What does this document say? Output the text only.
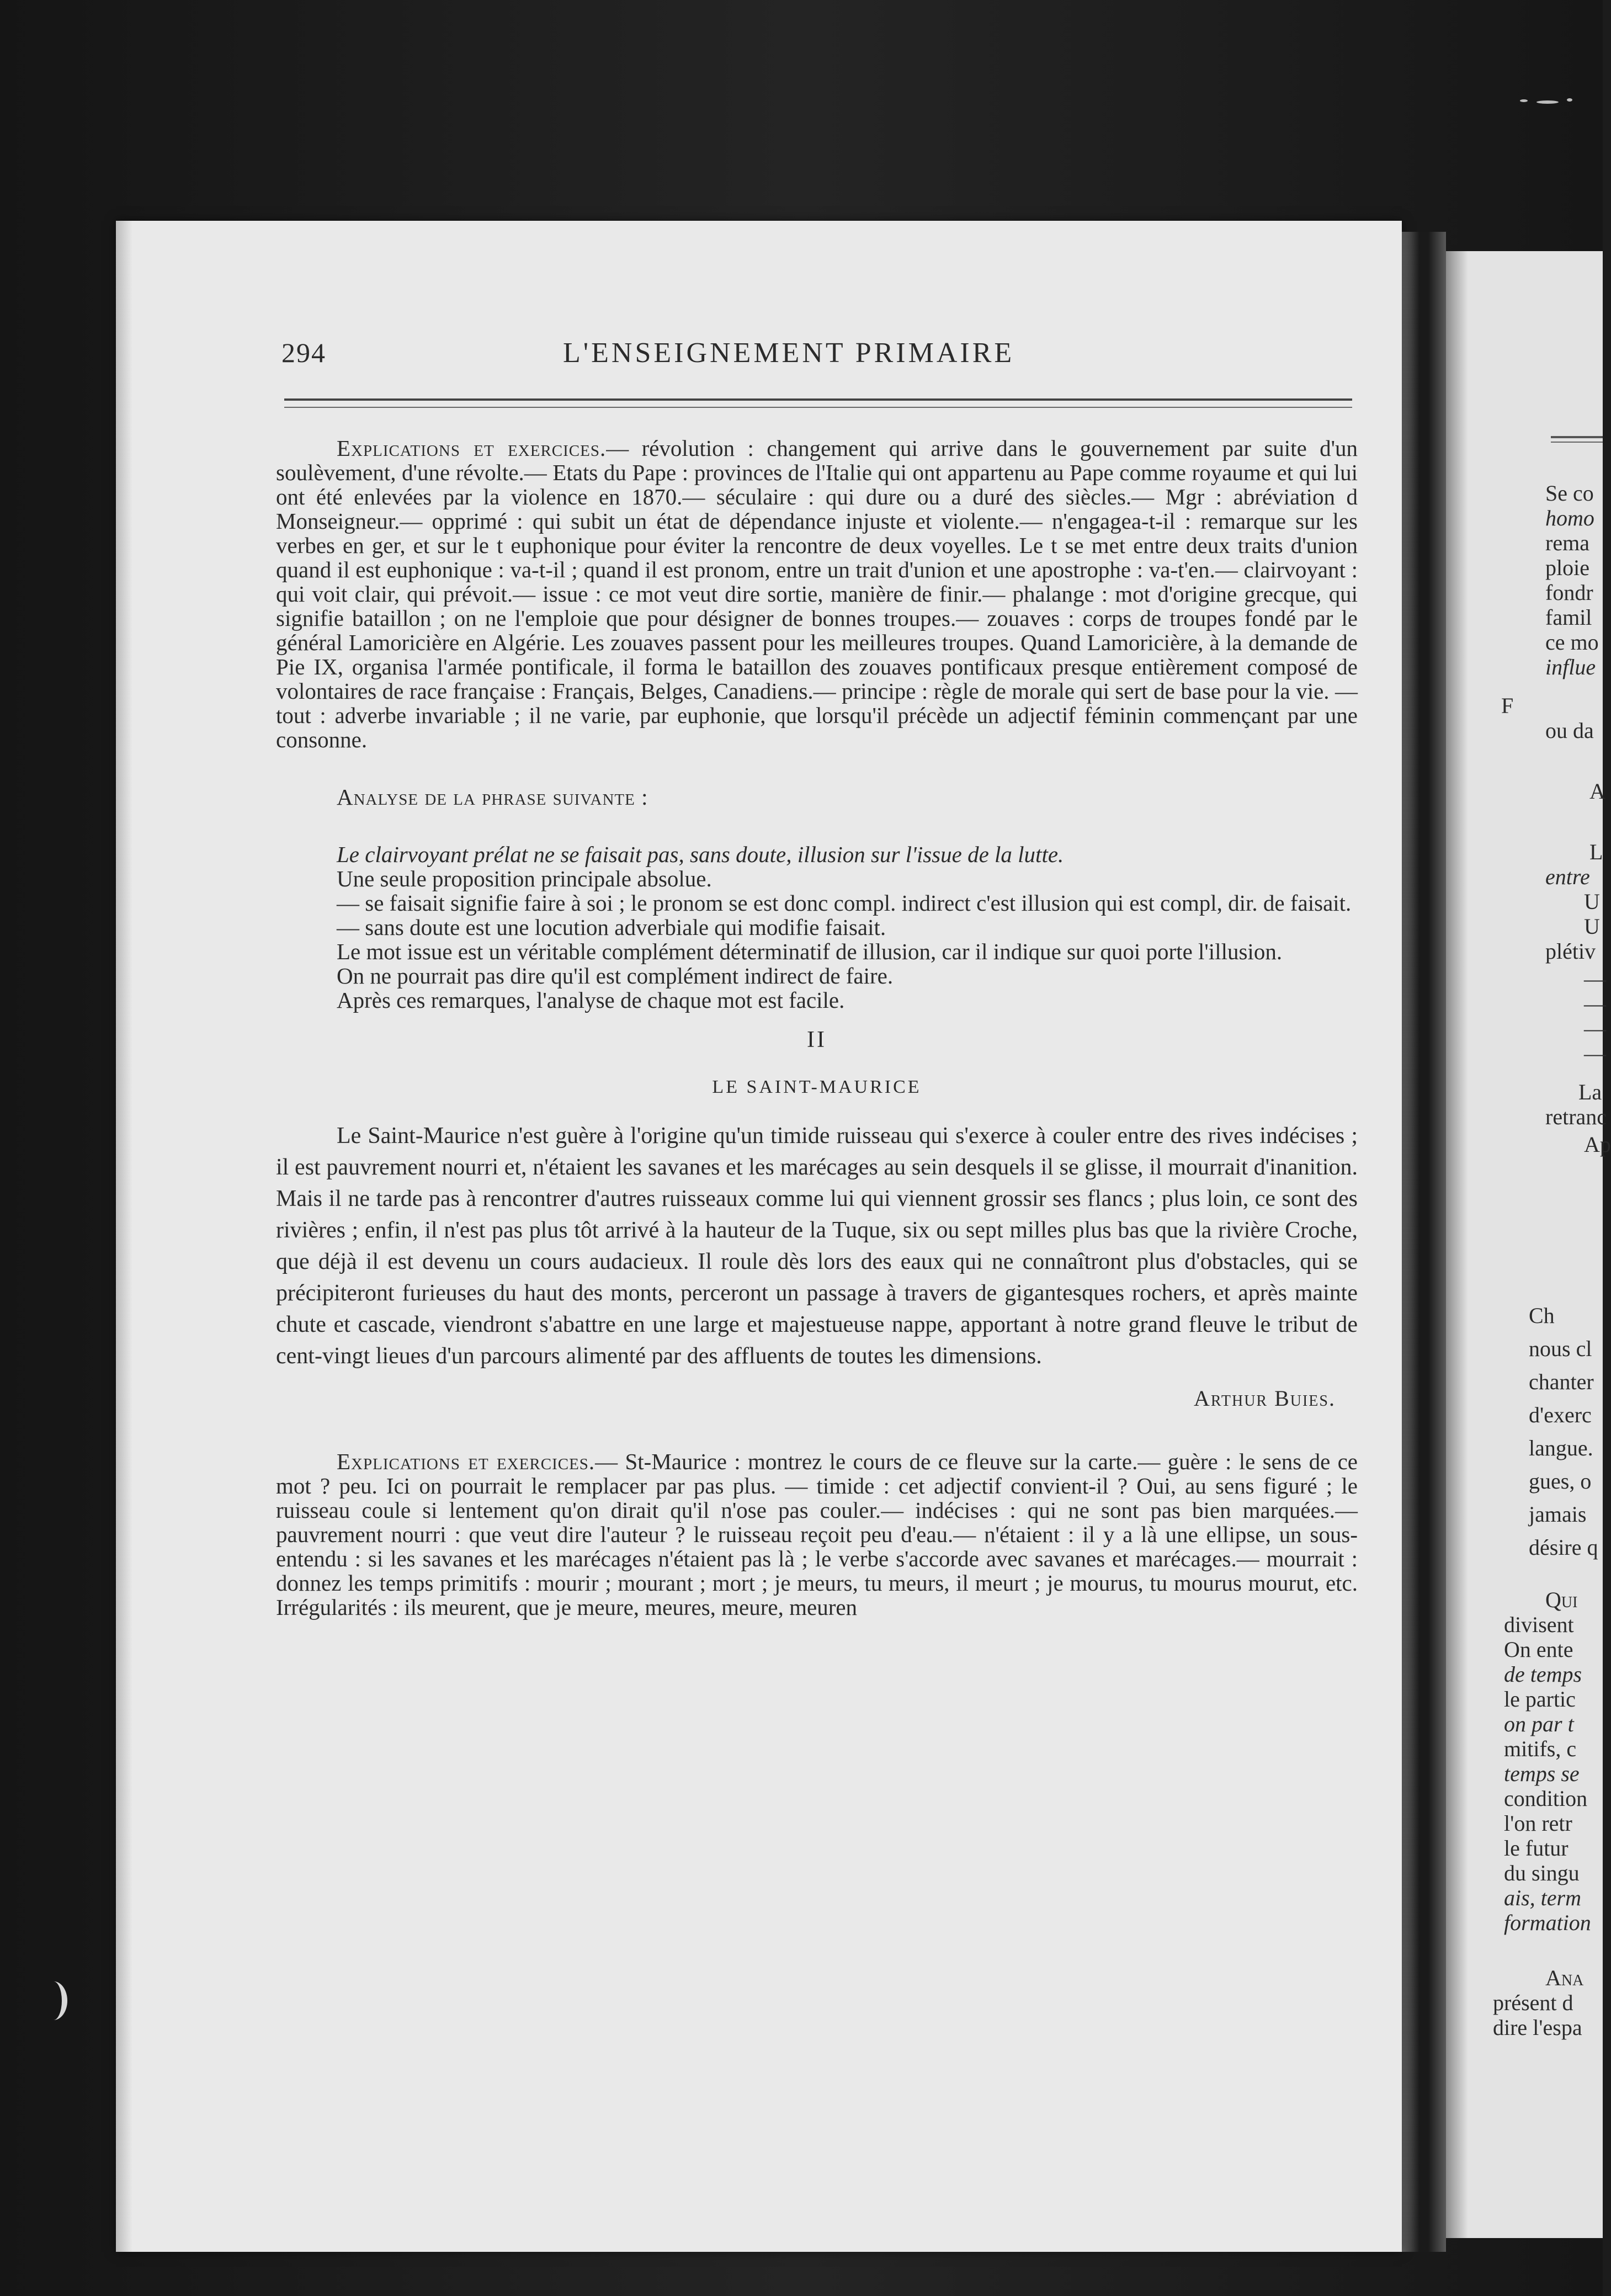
294	L'ENSEIGNEMENT PRIMAIRE

Explications et exercices.— révolution : changement qui arrive dans le gouvernement par suite d'un soulèvement, d'une révolte.— Etats du Pape : provinces de l'Italie qui ont appartenu au Pape comme royaume et qui lui ont été enlevées par la violence en 1870.— séculaire : qui dure ou a duré des siècles.— Mgr : abréviation d Monseigneur.— opprimé : qui subit un état de dépendance injuste et violente.— n'engagea-t-il : remarque sur les verbes en ger, et sur le t euphonique pour éviter la rencontre de deux voyelles. Le t se met entre deux traits d'union quand il est euphonique : va-t-il ; quand il est pronom, entre un trait d'union et une apostrophe : va-t'en.— clairvoyant : qui voit clair, qui prévoit.— issue : ce mot veut dire sortie, manière de finir.— phalange : mot d'origine grecque, qui signifie bataillon ; on ne l'emploie que pour désigner de bonnes troupes.— zouaves : corps de troupes fondé par le général Lamoricière en Algérie. Les zouaves passent pour les meilleures troupes. Quand Lamoricière, à la demande de Pie IX, organisa l'armée pontificale, il forma le bataillon des zouaves pontificaux presque entièrement composé de volontaires de race française : Français, Belges, Canadiens.— principe : règle de morale qui sert de base pour la vie. — tout : adverbe invariable ; il ne varie, par euphonie, que lorsqu'il précède un adjectif féminin commençant par une consonne.

Analyse de la phrase suivante :

Le clairvoyant prélat ne se faisait pas, sans doute, illusion sur l'issue de la lutte.

Une seule proposition principale absolue.

— se faisait signifie faire à soi ; le pronom se est donc compl. indirect c'est illusion qui est compl, dir. de faisait.

— sans doute est une locution adverbiale qui modifie faisait.

Le mot issue est un véritable complément déterminatif de illusion, car il indique sur quoi porte l'illusion.

On ne pourrait pas dire qu'il est complément indirect de faire.

Après ces remarques, l'analyse de chaque mot est facile.

II

LE SAINT-MAURICE

Le Saint-Maurice n'est guère à l'origine qu'un timide ruisseau qui s'exerce à couler entre des rives indécises ; il est pauvrement nourri et, n'étaient les savanes et les marécages au sein desquels il se glisse, il mourrait d'inanition. Mais il ne tarde pas à rencontrer d'autres ruisseaux comme lui qui viennent grossir ses flancs ; plus loin, ce sont des rivières ; enfin, il n'est pas plus tôt arrivé à la hauteur de la Tuque, six ou sept milles plus bas que la rivière Croche, que déjà il est devenu un cours audacieux. Il roule dès lors des eaux qui ne connaîtront plus d'obstacles, qui se précipiteront furieuses du haut des monts, perceront un passage à travers de gigantesques rochers, et après mainte chute et cascade, viendront s'abattre en une large et majestueuse nappe, apportant à notre grand fleuve le tribut de cent-vingt lieues d'un parcours alimenté par des affluents de toutes les dimensions.

Arthur Buies.

Explications et exercices.— St-Maurice : montrez le cours de ce fleuve sur la carte.— guère : le sens de ce mot ? peu. Ici on pourrait le remplacer par pas plus. — timide : cet adjectif convient-il ? Oui, au sens figuré ; le ruisseau coule si lentement qu'on dirait qu'il n'ose pas couler.— indécises : qui ne sont pas bien marquées.— pauvrement nourri : que veut dire l'auteur ? le ruisseau reçoit peu d'eau.— n'étaient : il y a là une ellipse, un sous-entendu : si les savanes et les marécages n'étaient pas là ; le verbe s'accorde avec savanes et marécages.— mourrait : donnez les temps primitifs : mourir ; mourant ; mort ; je meurs, tu meurs, il meurt ; je mourus, tu mourus mourut, etc. Irrégularités : ils meurent, que je meure, meures, meure, meuren

Se co
homo
rema
ploie
fondr
famil
ce mo
influe
F
ou da
A
L
entre
U
U
plétiv
—
—
—
—
La
retranc
Ap
Ch
nous cl
chanter
d'exerc
langue.
gues, o
jamais
désire q
Qui
divisent
On ente
de temps
le partic
on par t
mitifs, c
temps se
condition
l'on retr
le futur
du singu
ais, term
formation
Ana
présent d
dire l'espa
